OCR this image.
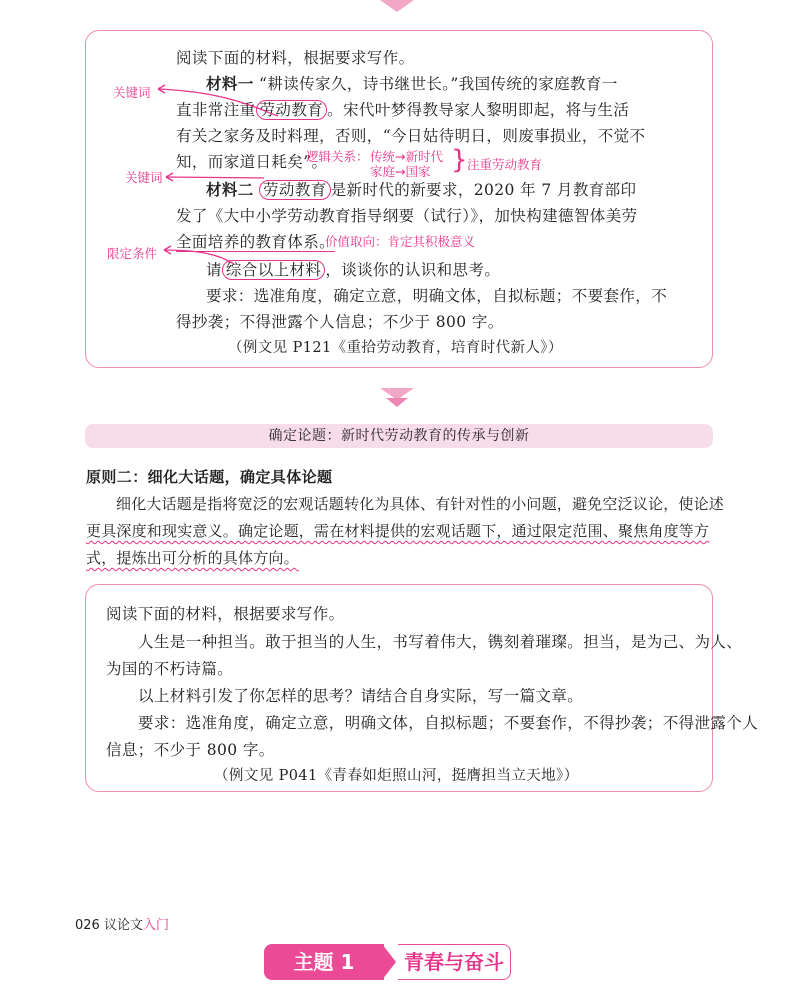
阅读下面的材料，根据要求写作。
材料一 “耕读传家久，诗书继世长。”我国传统的家庭教育一
直非常注重 劳动教育 。宋代叶梦得教导家人黎明即起，将与生活
有关之家务及时料理，否则，“今日姑待明日，则废事损业，不觉不
知，而家道日耗矣”。
材料二 劳动教育 是新时代的新要求，2020 年 7 月教育部印
发了《大中小学劳动教育指导纲要（试行）》，加快构建德智体美劳
全面培养的教育体系。
请 综合以上材料 ，谈谈你的认识和思考。
要求：选准角度，确定立意，明确文体，自拟标题；不要套作，不
得抄袭；不得泄露个人信息；不少于 800 字。
（例文见 P121《重拾劳动教育，培育时代新人》）
关键词
关键词
限定条件
逻辑关系： 传统→新时代
家庭→国家 } 注重劳动教育
价值取向：肯定其积极意义
确定论题：新时代劳动教育的传承与创新
原则二：细化大话题，确定具体论题
细化大话题是指将宽泛的宏观话题转化为具体、有针对性的小问题，避免空泛议论，使论述
更具深度和现实意义。确定论题，需在材料提供的宏观话题下，通过限定范围、聚焦角度等方
式，提炼出可分析的具体方向。
阅读下面的材料，根据要求写作。
人生是一种担当。敢于担当的人生，书写着伟大，镌刻着璀璨。担当，是为己、为人、
为国的不朽诗篇。
以上材料引发了你怎样的思考？请结合自身实际，写一篇文章。
要求：选准角度，确定立意，明确文体，自拟标题；不要套作，不得抄袭；不得泄露个人
信息；不少于 800 字。
（例文见 P041《青春如炬照山河，挺膺担当立天地》）
026 议论文入门
主题 1	青春与奋斗
